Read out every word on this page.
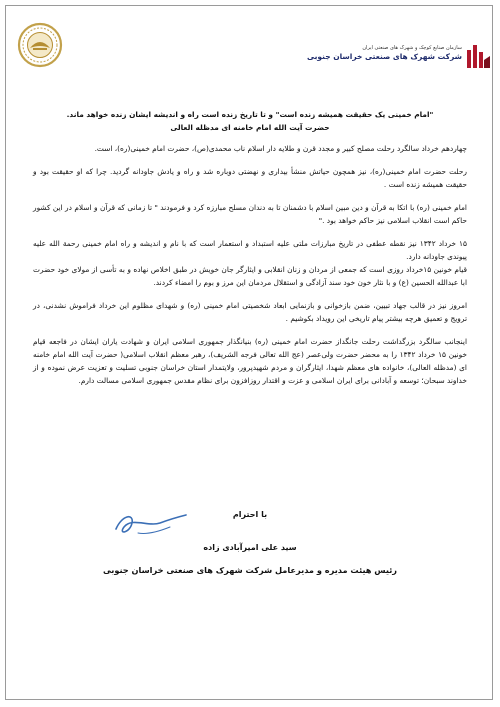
سازمان صنایع کوچک و شهرک های صنعتی ایران
شرکت شهرک های صنعتی خراسان جنوبی

"امام خمینی یک حقیقت همیشه زنده است" و تا تاریخ زنده است راه و اندیشه ایشان زنده خواهد ماند.

حضرت آیت الله امام خامنه ای مدظله العالی

چهاردهم خرداد سالگرد رحلت مصلح کبیر و مجدد قرن و طلایه دار اسلام ناب محمدی(ص)، حضرت امام خمینی(ره)، است.

رحلت حضرت امام خمینی(ره)، نیز همچون حیاتش منشأ بیداری و نهضتی دوباره شد و راه و یادش جاودانه گردید. چرا که او حقیقت بود و حقیقت همیشه زنده است .

امام خمینی (ره) با اتکا به قرآن و دین مبین اسلام با دشمنان تا به دندان مسلح مبارزه کرد و فرمودند " تا زمانی که قرآن و اسلام در این کشور حاکم است انقلاب اسلامی نیز حاکم خواهد بود ."

۱۵ خرداد ۱۳۴۲ نیز نقطه عطفی در تاریخ مبارزات ملتی علیه استبداد و استعمار است که با نام و اندیشه و راه امام خمینی رحمة الله علیه پیوندی جاودانه دارد.

قیام خونین ۱۵خرداد روزی است که جمعی از مردان و زنان انقلابی و ایثارگر جان خویش در طبق اخلاص نهاده و به تأسی از مولای خود حضرت ابا عبدالله الحسین (ع) و با نثار خون خود سند آزادگی و استقلال مردمان این مرز و بوم را امضاء کردند.

امروز نیز در قالب جهاد تبیین، ضمن بازخوانی و بازنمایی ابعاد شخصیتی امام خمینی (ره) و شهدای مظلوم این خرداد فراموش نشدنی، در ترویج و تعمیق هرچه بیشتر پیام تاریخی این رویداد بکوشیم .

اینجانب سالگرد بزرگداشت رحلت جانگداز حضرت امام خمینی (ره) بنیانگذار جمهوری اسلامی ایران و شهادت یاران ایشان در فاجعه قیام خونین ۱۵ خرداد ۱۳۴۲ را به محضر حضرت ولی‌عصر (عج الله تعالی فرجه الشریف)، رهبر معظم انقلاب اسلامی( حضرت آیت الله امام خامنه ای (مدظله العالی)، خانواده های معظم شهدا، ایثارگران و مردم شهیدپرور، ولایتمدار استان خراسان جنوبی تسلیت و تعزیت عرض نموده و از خداوند سبحان؛ توسعه و آبادانی برای ایران اسلامی و عزت و اقتدار روزافزون برای نظام مقدس جمهوری اسلامی مسالت دارم.

با احترام
سید علی امیرآبادی زاده
رئیس هیئت مدیره و مدیرعامل شرکت شهرک های صنعتی خراسان جنوبی
